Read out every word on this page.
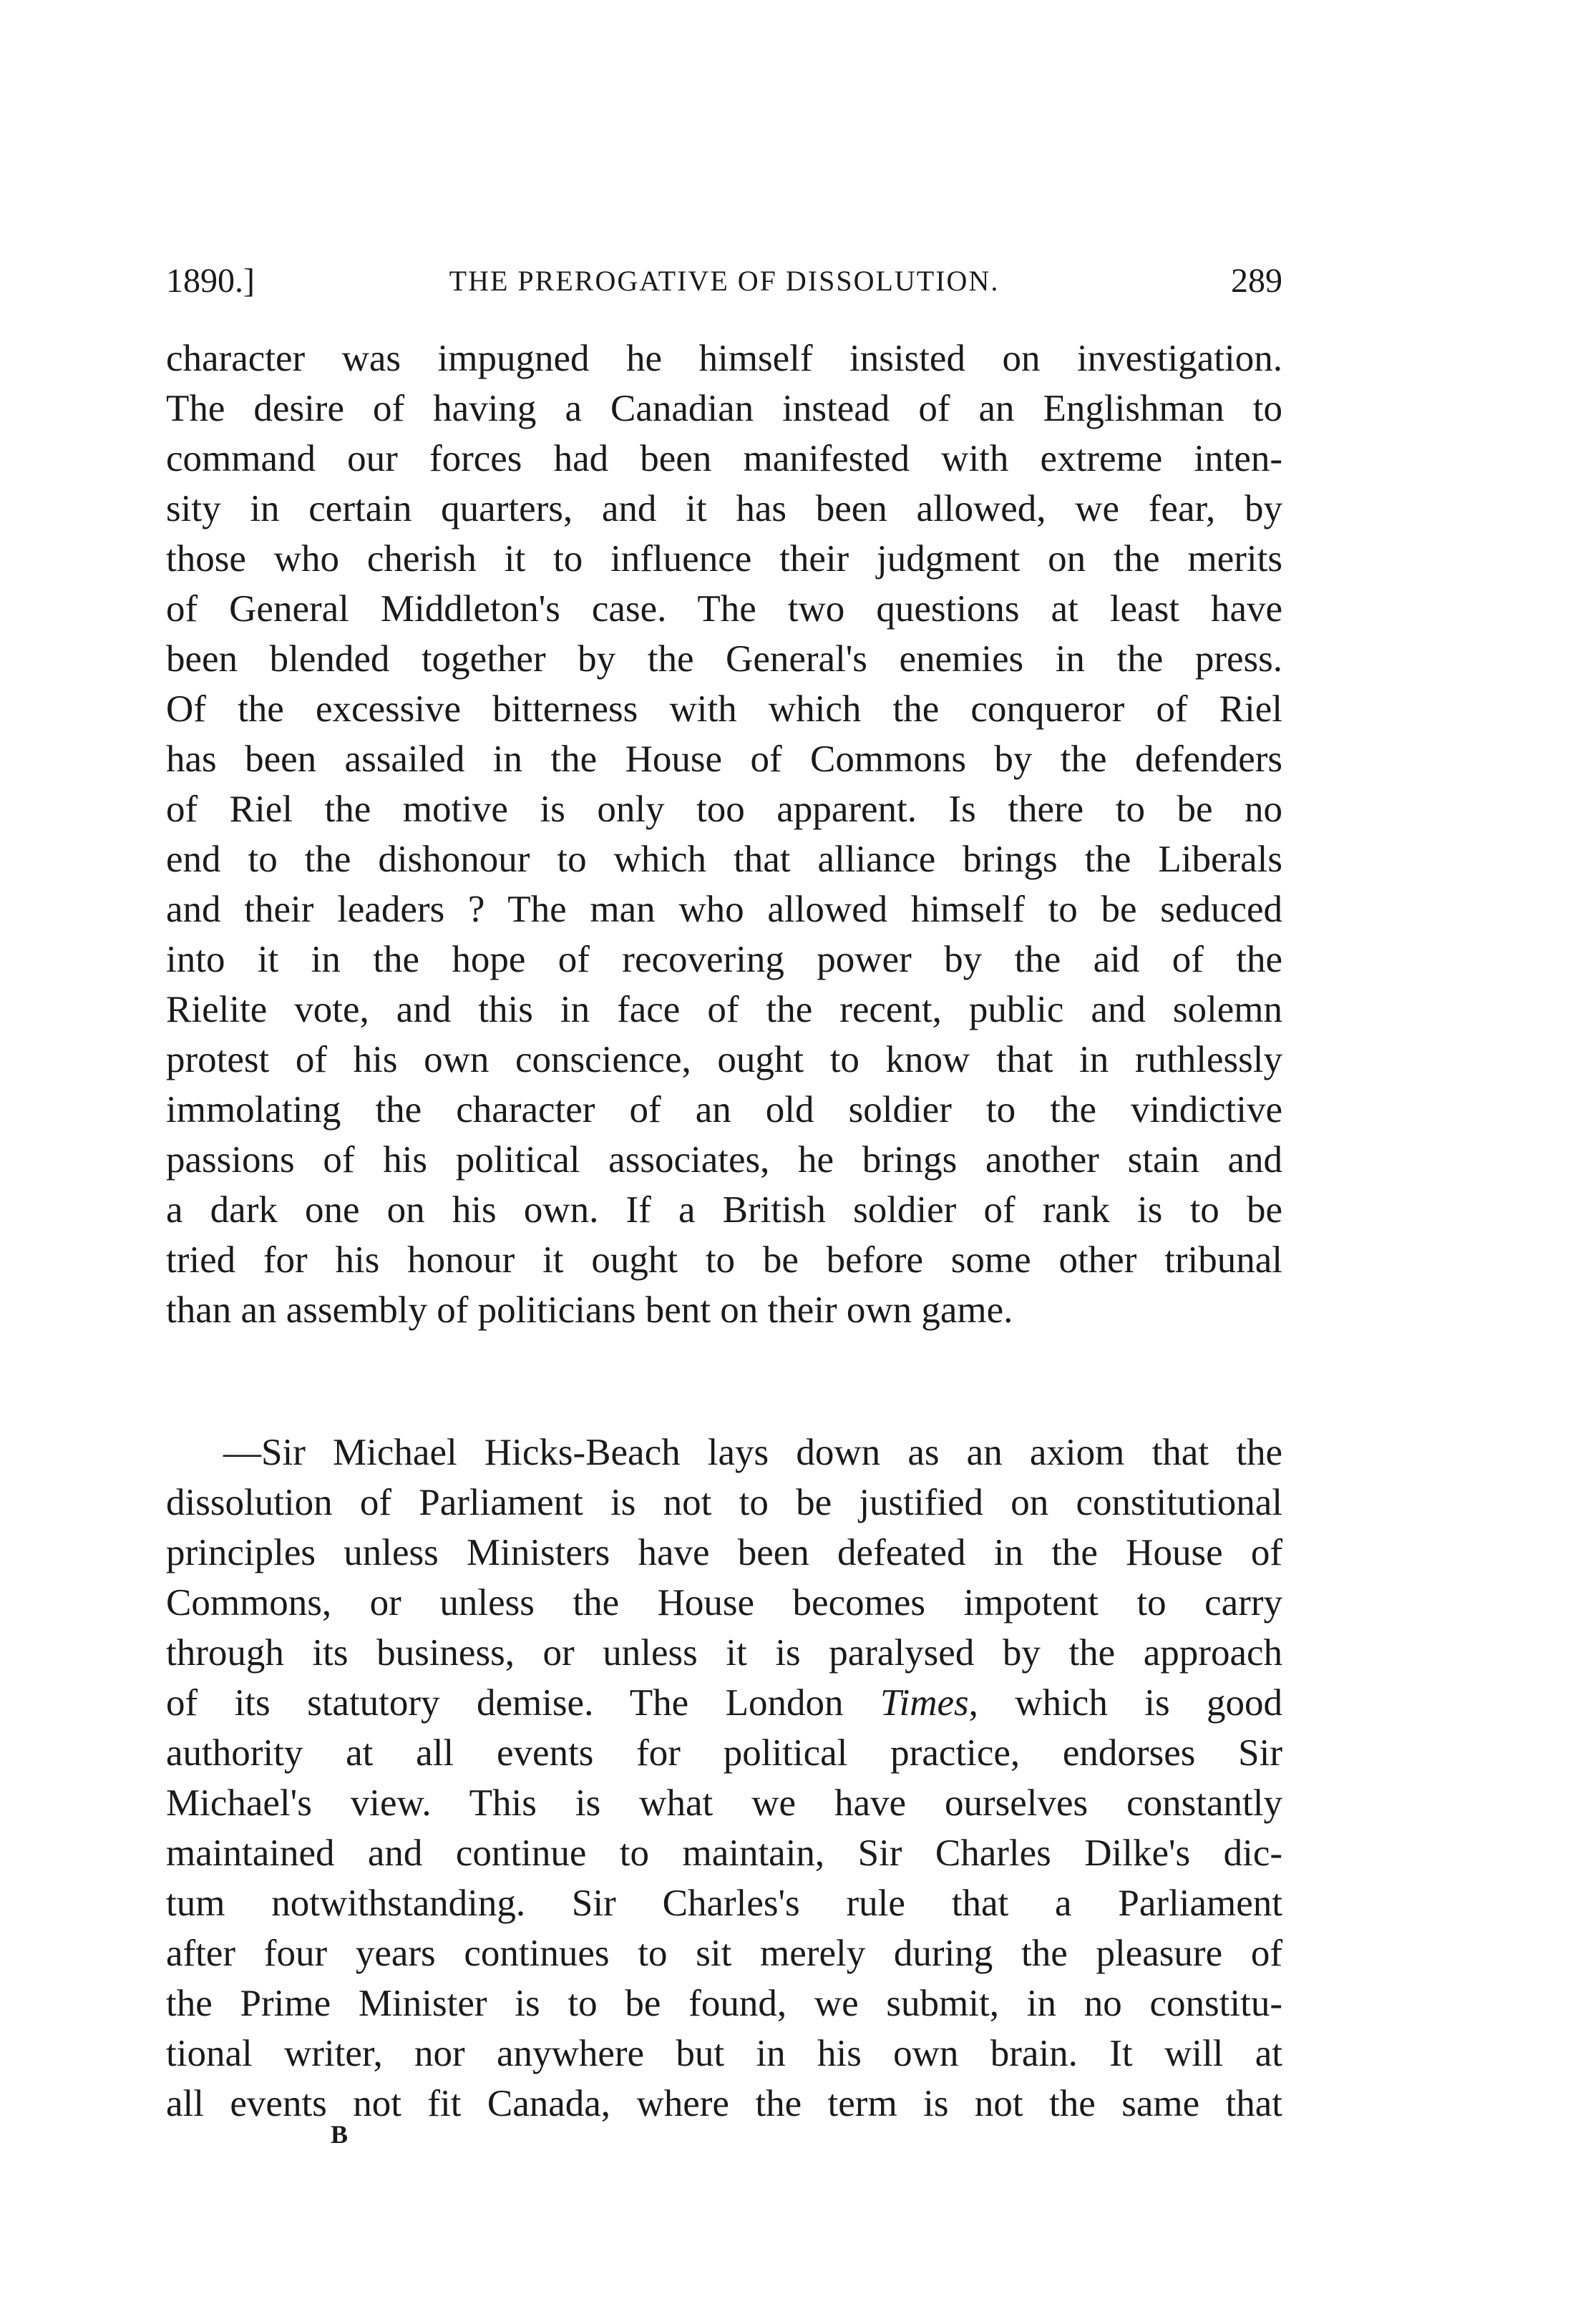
1890.]	THE PREROGATIVE OF DISSOLUTION.	289
character was impugned he himself insisted on investigation.
The desire of having a Canadian instead of an Englishman to
command our forces had been manifested with extreme inten-
sity in certain quarters, and it has been allowed, we fear, by
those who cherish it to influence their judgment on the merits
of General Middleton's case. The two questions at least have
been blended together by the General's enemies in the press.
Of the excessive bitterness with which the conqueror of Riel
has been assailed in the House of Commons by the defenders
of Riel the motive is only too apparent. Is there to be no
end to the dishonour to which that alliance brings the Liberals
and their leaders ? The man who allowed himself to be seduced
into it in the hope of recovering power by the aid of the
Rielite vote, and this in face of the recent, public and solemn
protest of his own conscience, ought to know that in ruthlessly
immolating the character of an old soldier to the vindictive
passions of his political associates, he brings another stain and
a dark one on his own. If a British soldier of rank is to be
tried for his honour it ought to be before some other tribunal
than an assembly of politicians bent on their own game.
—Sir Michael Hicks-Beach lays down as an axiom that the
dissolution of Parliament is not to be justified on constitutional
principles unless Ministers have been defeated in the House of
Commons, or unless the House becomes impotent to carry
through its business, or unless it is paralysed by the approach
of its statutory demise. The London Times, which is good
authority at all events for political practice, endorses Sir
Michael's view. This is what we have ourselves constantly
maintained and continue to maintain, Sir Charles Dilke's dic-
tum notwithstanding. Sir Charles's rule that a Parliament
after four years continues to sit merely during the pleasure of
the Prime Minister is to be found, we submit, in no constitu-
tional writer, nor anywhere but in his own brain. It will at
all events not fit Canada, where the term is not the same that
B
